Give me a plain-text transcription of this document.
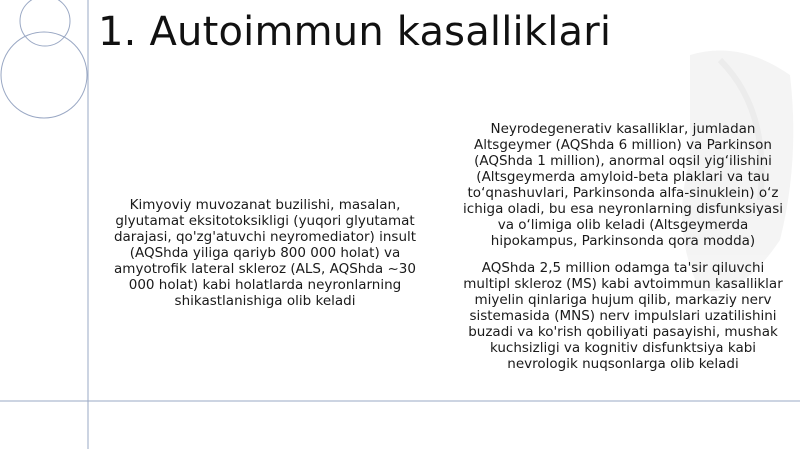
1. Autoimmun kasalliklari
Kimyoviy muvozanat buzilishi, masalan, glyutamat eksitotoksikligi (yuqori glyutamat darajasi, qo'zg'atuvchi neyromediator) insult (AQShda yiliga qariyb 800 000 holat) va amyotrofik lateral skleroz (ALS, AQShda ~30 000 holat) kabi holatlarda neyronlarning shikastlanishiga olib keladi
Neyrodegenerativ kasalliklar, jumladan Altsgeymer (AQShda 6 million) va Parkinson (AQShda 1 million), anormal oqsil yig‘ilishini (Altsgeymerda amyloid-beta plaklari va tau to‘qnashuvlari, Parkinsonda alfa-sinuklein) o‘z ichiga oladi, bu esa neyronlarning disfunksiyasi va o‘limiga olib keladi (Altsgeymerda hipokampus, Parkinsonda qora modda)
AQShda 2,5 million odamga ta'sir qiluvchi multipl skleroz (MS) kabi avtoimmun kasalliklar miyelin qinlariga hujum qilib, markaziy nerv sistemasida (MNS) nerv impulslari uzatilishini buzadi va ko'rish qobiliyati pasayishi, mushak kuchsizligi va kognitiv disfunktsiya kabi nevrologik nuqsonlarga olib keladi
